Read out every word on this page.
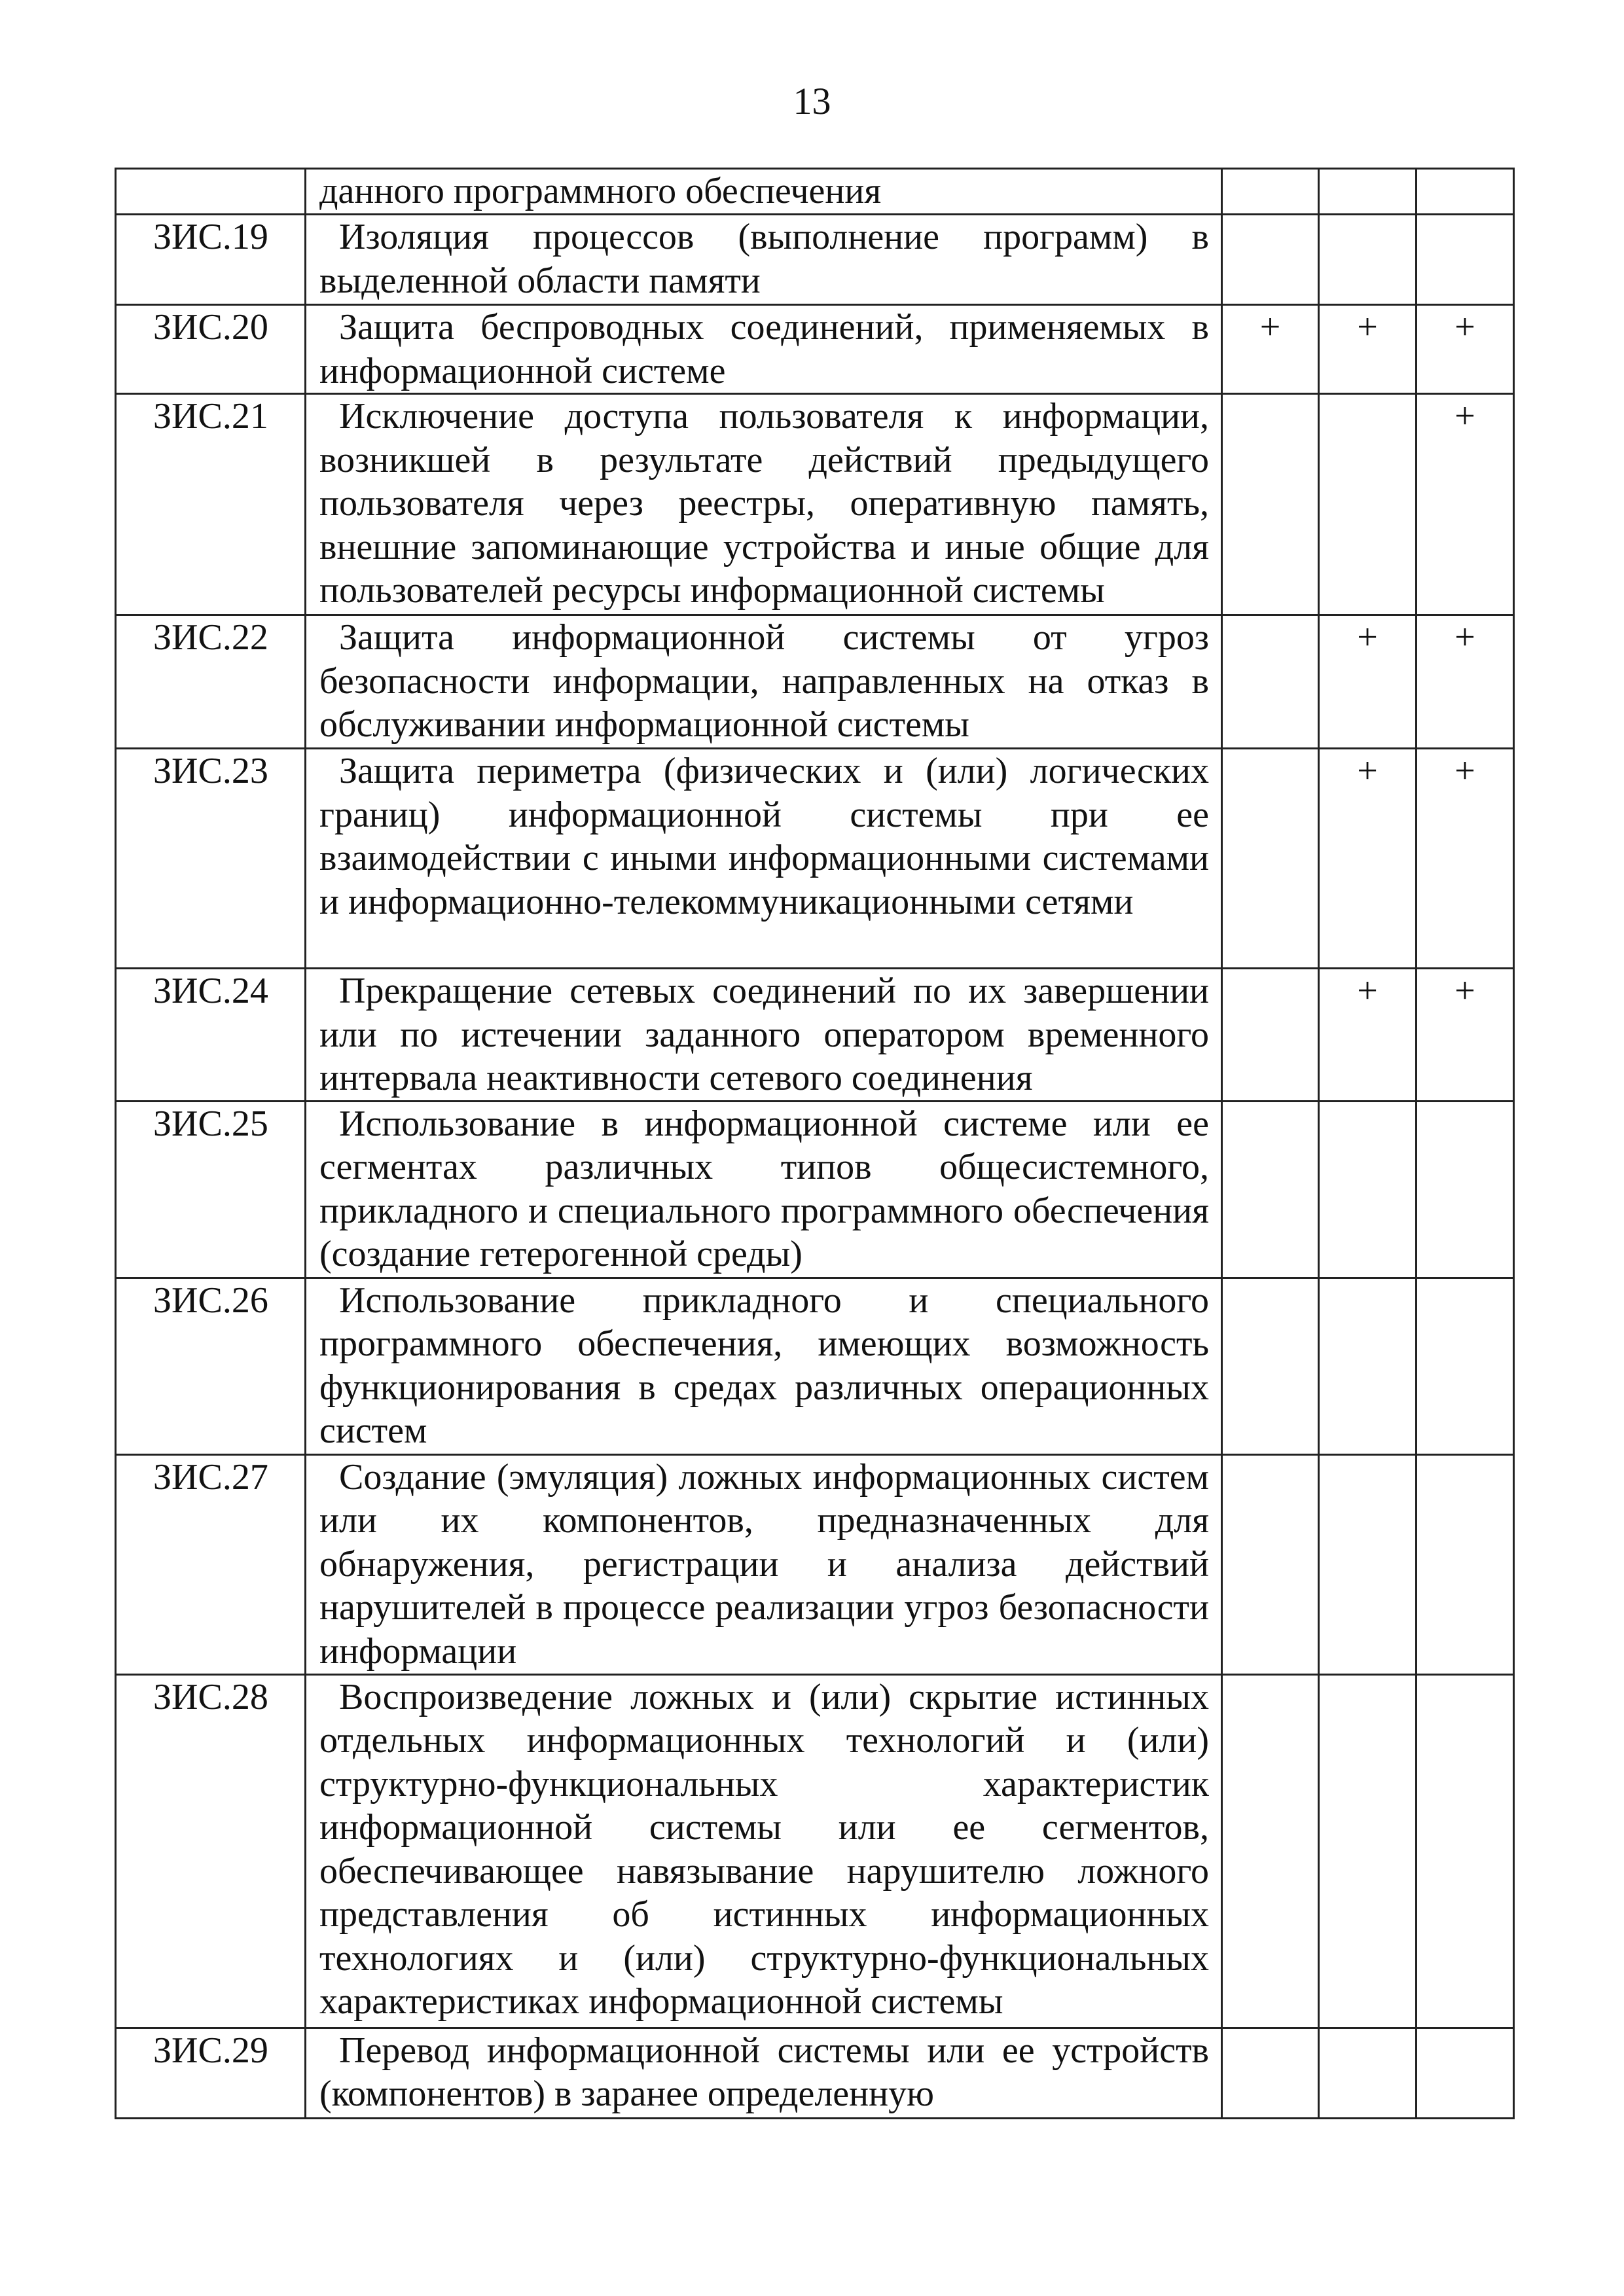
13

	данного программного обеспечения			

ЗИС.19	Изоляция процессов (выполнение программ) в выделенной области памяти			

ЗИС.20	Защита беспроводных соединений, применяемых в информационной системе	+	+	+
ЗИС.21	Исключение доступа пользователя к информации, возникшей в результате действий предыдущего пользователя через реестры, оперативную память, внешние запоминающие устройства и иные общие для пользователей ресурсы информационной системы			+
ЗИС.22	Защита информационной системы от угроз безопасности информации, направленных на отказ в обслуживании информационной системы		+	+
ЗИС.23	Защита периметра (физических и (или) логических границ) информационной системы при ее взаимодействии с иными информационными системами и информационно-телекоммуникационными сетями		+	+
ЗИС.24	Прекращение сетевых соединений по их завершении или по истечении заданного оператором временного интервала неактивности сетевого соединения		+	+
ЗИС.25	Использование в информационной системе или ее сегментах различных типов общесистемного, прикладного и специального программного обеспечения (создание гетерогенной среды)			

ЗИС.26	Использование прикладного и специального программного обеспечения, имеющих возможность функционирования в средах различных операционных систем			

ЗИС.27	Создание (эмуляция) ложных информационных систем или их компонентов, предназначенных для обнаружения, регистрации и анализа действий нарушителей в процессе реализации угроз безопасности информации			

ЗИС.28	Воспроизведение ложных и (или) скрытие истинных отдельных информационных технологий и (или) структурно-функциональных характеристик информационной системы или ее сегментов, обеспечивающее навязывание нарушителю ложного представления об истинных информационных технологиях и (или) структурно-функциональных характеристиках информационной системы			

ЗИС.29	Перевод информационной системы или ее устройств (компонентов) в заранее определенную			
